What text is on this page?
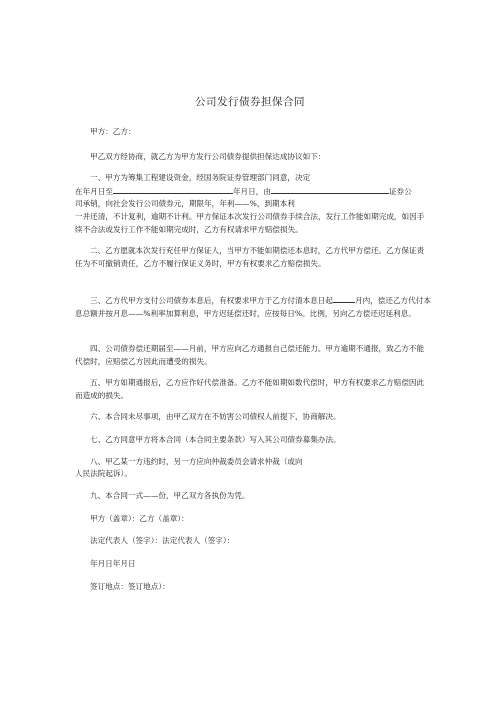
公司发行债券担保合同
甲方：乙方：
甲乙双方经协商，就乙方为甲方发行公司债券提供担保达成协议如下：
一、甲方为筹集工程建设资金，经国务院证券管理部门同意，决定
在年月日至	年月日，由	证券公
司承销，向社会发行公司债券元，期限年，年利——%，到期本利
一并还清，不计复利，逾期不计利。甲方保证本次发行公司债券手续合法，发行工作能如期完成，如因手续不合法或发行工作不能如期完成时，乙方有权请求甲方赔偿损失。
二、乙方愿就本次发行充任甲方保证人，当甲方不能如期偿还本息时，乙方代甲方偿还。乙方保证责任为不可撤销责任，乙方不履行保证义务时，甲方有权要求乙方赔偿损失。
三、乙方代甲方支付公司债券本息后，有权要求甲方于乙方付清本息日起	月内，偿还乙方代付本息总额并按月息——%利率加算利息，甲方迟延偿还时，应按每日%。比例，另向乙方偿还迟延利息。
四、公司债券偿还期届至——月前，甲方应向乙方通报自己偿还能力。甲方逾期不通报，致乙方不能代偿时，应赔偿乙方因此而遭受的损失。
五、甲方如期通报后，乙方应作好代偿准备。乙方不能如期如数代偿时，甲方有权要求乙方赔偿因此而造成的损失。
六、本合同未尽事项，由甲乙双方在不妨害公司债权人前提下，协商解决。
七、乙方同意甲方将本合同（本合同主要条款）写入其公司债券募集办法。
八、甲乙某一方违约时，另一方应向仲裁委员会请求仲裁（或向
人民法院起诉）。
九、本合同一式——份，甲乙双方各执份为凭。
甲方（盖章）：乙方（盖章）：
法定代表人（签字）：法定代表人（签字）：
年月日年月日
签订地点：签订地点）：
